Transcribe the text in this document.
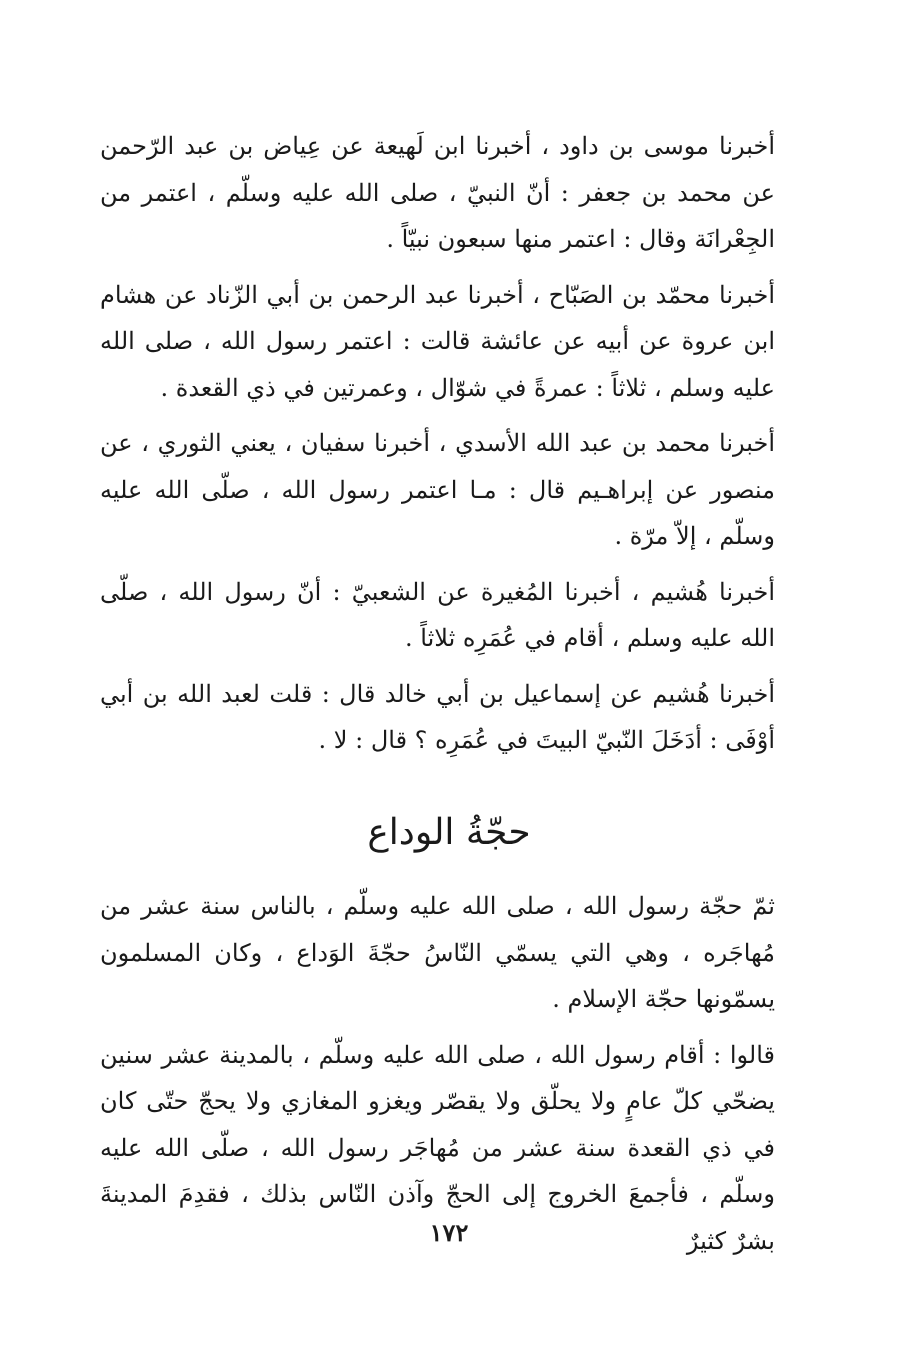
أخبرنا موسى بن داود ، أخبرنا ابن لَهيعة عن عِياض بن عبد الرّحمن عن محمد بن جعفر : أنّ النبيّ ، صلى الله عليه وسلّم ، اعتمر من الجِعْرانَة وقال : اعتمر منها سبعون نبيّاً .

أخبرنا محمّد بن الصَبّاح ، أخبرنا عبد الرحمن بن أبي الزّناد عن هشام ابن عروة عن أبيه عن عائشة قالت : اعتمر رسول الله ، صلى الله عليه وسلم ، ثلاثاً : عمرةً في شوّال ، وعمرتين في ذي القعدة .

أخبرنا محمد بن عبد الله الأسدي ، أخبرنا سفيان ، يعني الثوري ، عن منصور عن إبراهـيم قال : مـا اعتمر رسول الله ، صلّى الله عليه وسلّم ، إلاّ مرّة .

أخبرنا هُشيم ، أخبرنا المُغيرة عن الشعبيّ : أنّ رسول الله ، صلّى الله عليه وسلم ، أقام في عُمَرِه ثلاثاً .

أخبرنا هُشيم عن إسماعيل بن أبي خالد قال : قلت لعبد الله بن أبي أوْفَى : أدَخَلَ النّبيّ البيتَ في عُمَرِه ؟ قال : لا .

حجّةُ الوداع

ثمّ حجّة رسول الله ، صلى الله عليه وسلّم ، بالناس سنة عشر من مُهاجَره ، وهي التي يسمّي النّاسُ حجّةَ الوَداع ، وكان المسلمون يسمّونها حجّة الإسلام .

قالوا : أقام رسول الله ، صلى الله عليه وسلّم ، بالمدينة عشر سنين يضحّي كلّ عامٍ ولا يحلّق ولا يقصّر ويغزو المغازي ولا يحجّ حتّى كان في ذي القعدة سنة عشر من مُهاجَر رسول الله ، صلّى الله عليه وسلّم ، فأجمعَ الخروج إلى الحجّ وآذن النّاس بذلك ، فقدِمَ المدينةَ بشرٌ كثيرٌ

١٧٢
